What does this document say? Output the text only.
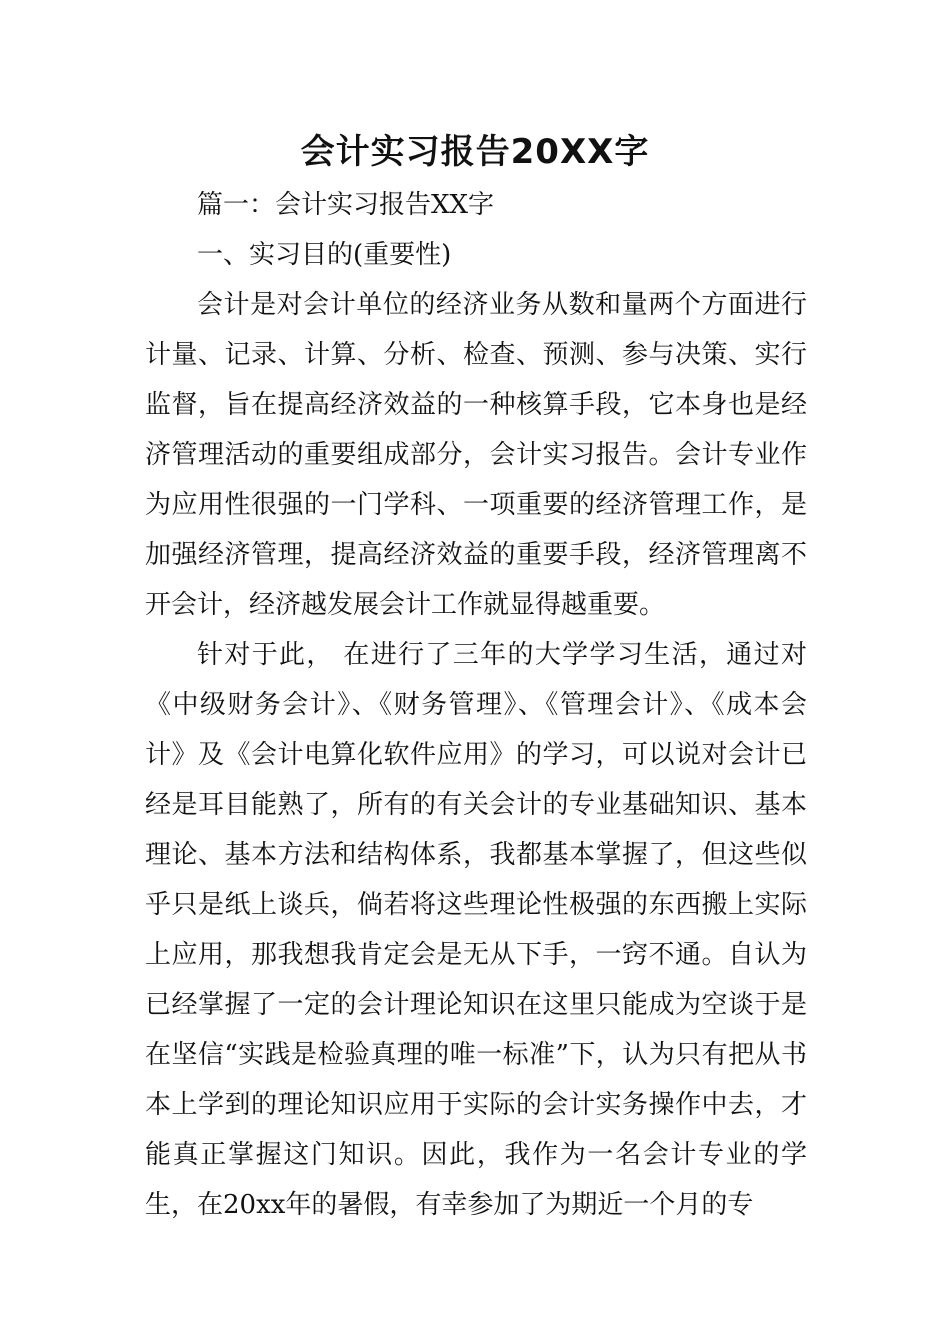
会计实习报告20XX字

篇一：会计实习报告XX字

一、实习目的(重要性)

会计是对会计单位的经济业务从数和量两个方面进行计量、记录、计算、分析、检查、预测、参与决策、实行监督，旨在提高经济效益的一种核算手段，它本身也是经济管理活动的重要组成部分，会计实习报告。会计专业作为应用性很强的一门学科、一项重要的经济管理工作，是加强经济管理，提高经济效益的重要手段，经济管理离不开会计，经济越发展会计工作就显得越重要。

针对于此， 在进行了三年的大学学习生活，通过对《中级财务会计》、《财务管理》、《管理会计》、《成本会计》及《会计电算化软件应用》的学习，可以说对会计已经是耳目能熟了，所有的有关会计的专业基础知识、基本理论、基本方法和结构体系，我都基本掌握了，但这些似乎只是纸上谈兵，倘若将这些理论性极强的东西搬上实际上应用，那我想我肯定会是无从下手，一窍不通。自认为已经掌握了一定的会计理论知识在这里只能成为空谈于是在坚信“实践是检验真理的唯一标准”下，认为只有把从书本上学到的理论知识应用于实际的会计实务操作中去，才能真正掌握这门知识。因此，我作为一名会计专业的学生，在20xx年的暑假，有幸参加了为期近一个月的专
